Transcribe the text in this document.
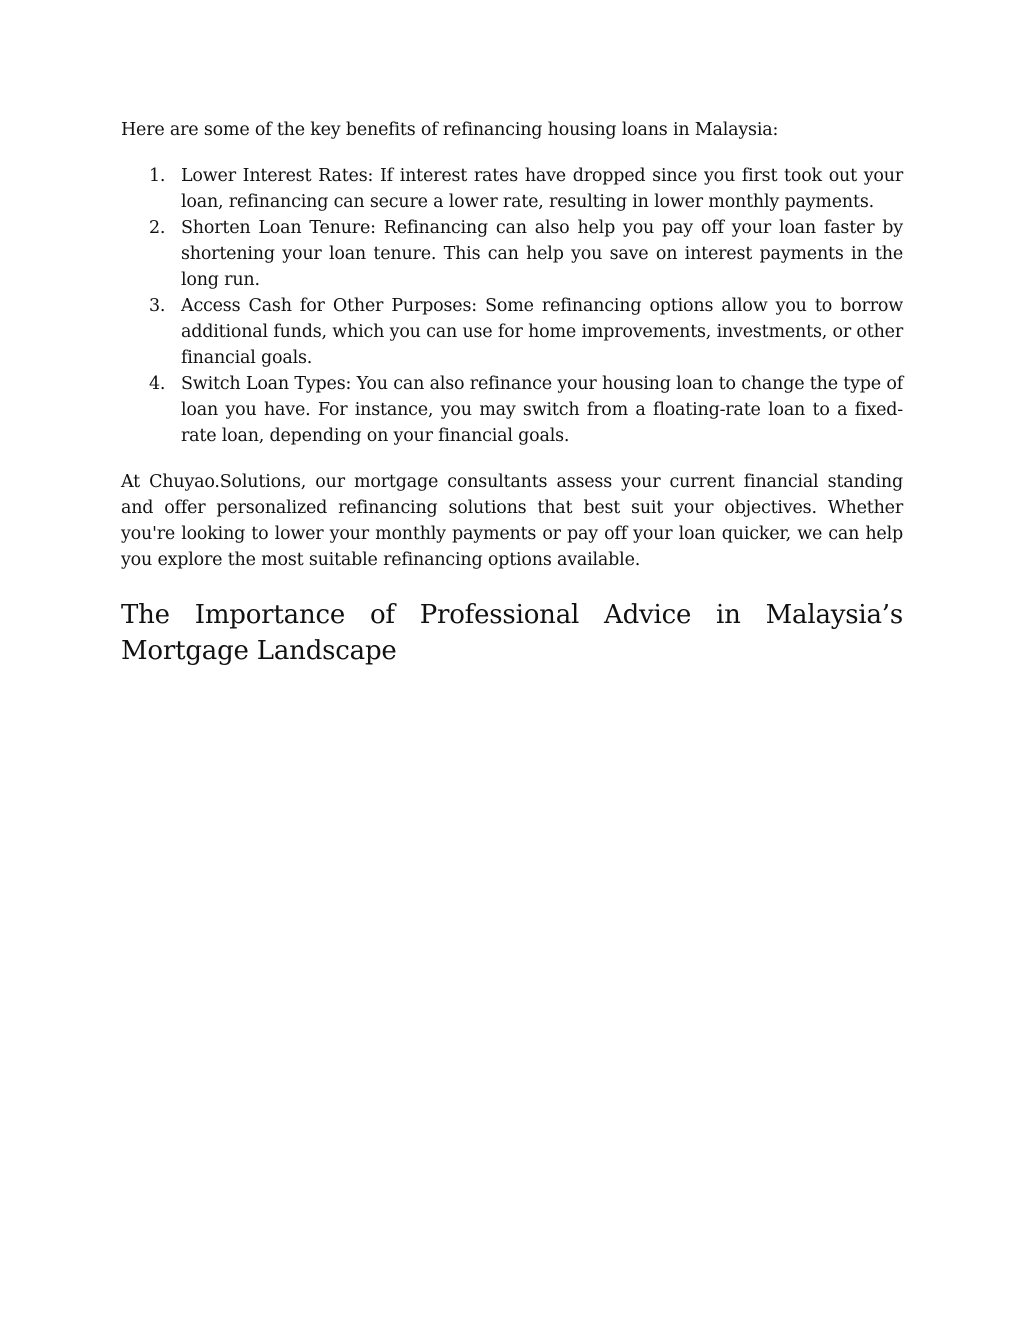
Here are some of the key benefits of refinancing housing loans in Malaysia:

1. Lower Interest Rates: If interest rates have dropped since you first took out your loan, refinancing can secure a lower rate, resulting in lower monthly payments.
2. Shorten Loan Tenure: Refinancing can also help you pay off your loan faster by shortening your loan tenure. This can help you save on interest payments in the long run.
3. Access Cash for Other Purposes: Some refinancing options allow you to borrow additional funds, which you can use for home improvements, investments, or other financial goals.
4. Switch Loan Types: You can also refinance your housing loan to change the type of loan you have. For instance, you may switch from a floating-rate loan to a fixed-rate loan, depending on your financial goals.

At Chuyao.Solutions, our mortgage consultants assess your current financial standing and offer personalized refinancing solutions that best suit your objectives. Whether you're looking to lower your monthly payments or pay off your loan quicker, we can help you explore the most suitable refinancing options available.

The Importance of Professional Advice in Malaysia’s Mortgage Landscape
